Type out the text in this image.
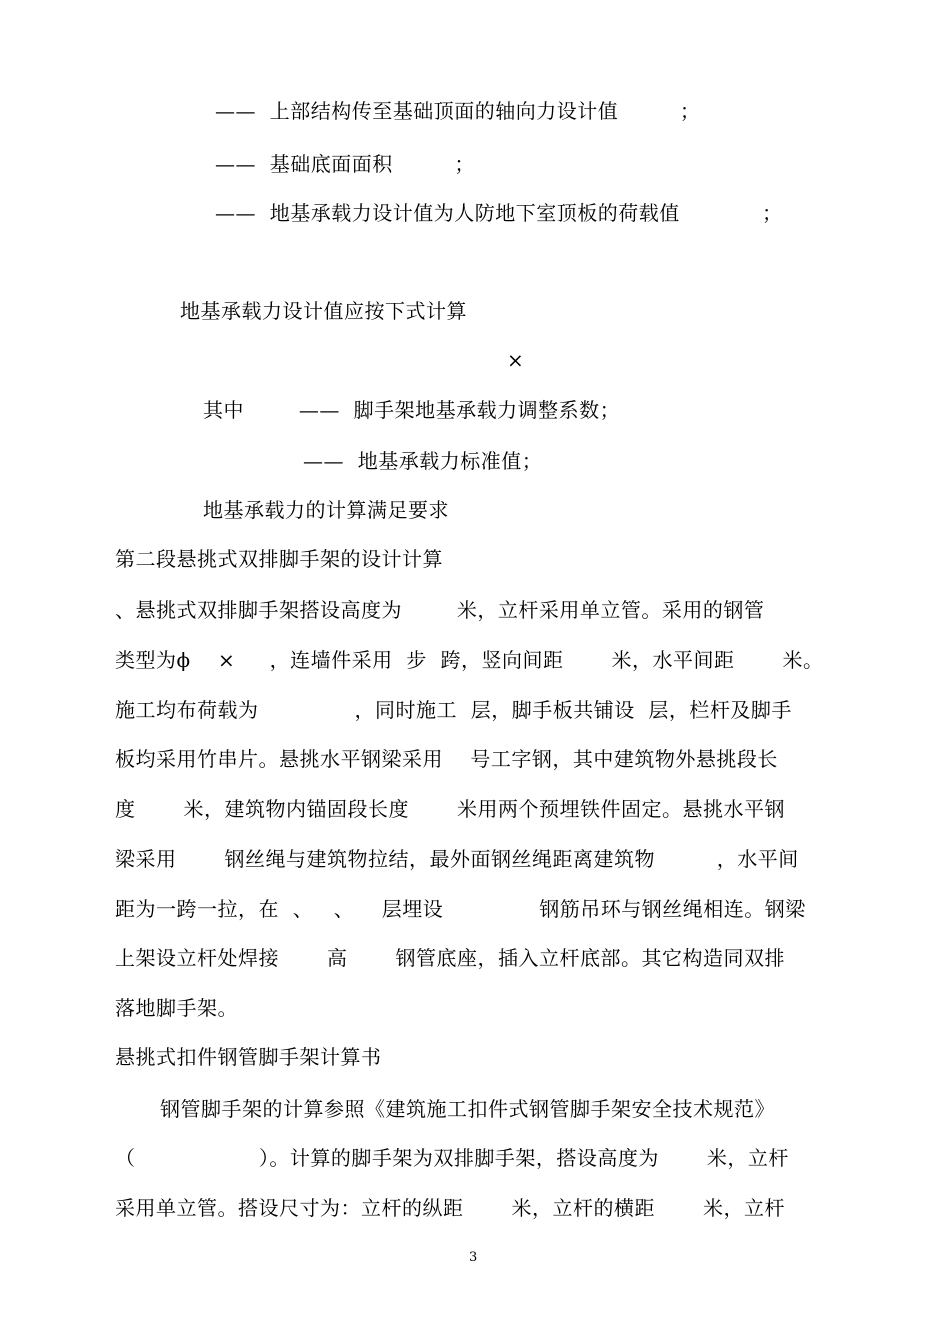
——  上部结构传至基础顶面的轴向力设计值         ；
——  基础底面面积         ；
——  地基承载力设计值为人防地下室顶板的荷载值            ；
地基承载力设计值应按下式计算
×
其中        ——  脚手架地基承载力调整系数；
——  地基承载力标准值；
地基承载力的计算满足要求
第二段悬挑式双排脚手架的设计计算
、悬挑式双排脚手架搭设高度为        米，立杆采用单立管。采用的钢管
类型为ϕ    ×     ，连墙件采用  步  跨，竖向间距       米，水平间距       米。
施工均布荷载为              ，同时施工  层，脚手板共铺设  层，栏杆及脚手
板均采用竹串片。悬挑水平钢梁采用    号工字钢，其中建筑物外悬挑段长
度       米，建筑物内锚固段长度       米用两个预埋铁件固定。悬挑水平钢
梁采用       钢丝绳与建筑物拉结，最外面钢丝绳距离建筑物         ，水平间
距为一跨一拉，在  、   、    层埋设              钢筋吊环与钢丝绳相连。钢梁
上架设立杆处焊接       高       钢管底座，插入立杆底部。其它构造同双排
落地脚手架。
悬挑式扣件钢管脚手架计算书
钢管脚手架的计算参照《建筑施工扣件式钢管脚手架安全技术规范》
（                  ）。计算的脚手架为双排脚手架，搭设高度为       米，立杆
采用单立管。搭设尺寸为：立杆的纵距       米，立杆的横距       米，立杆
3
